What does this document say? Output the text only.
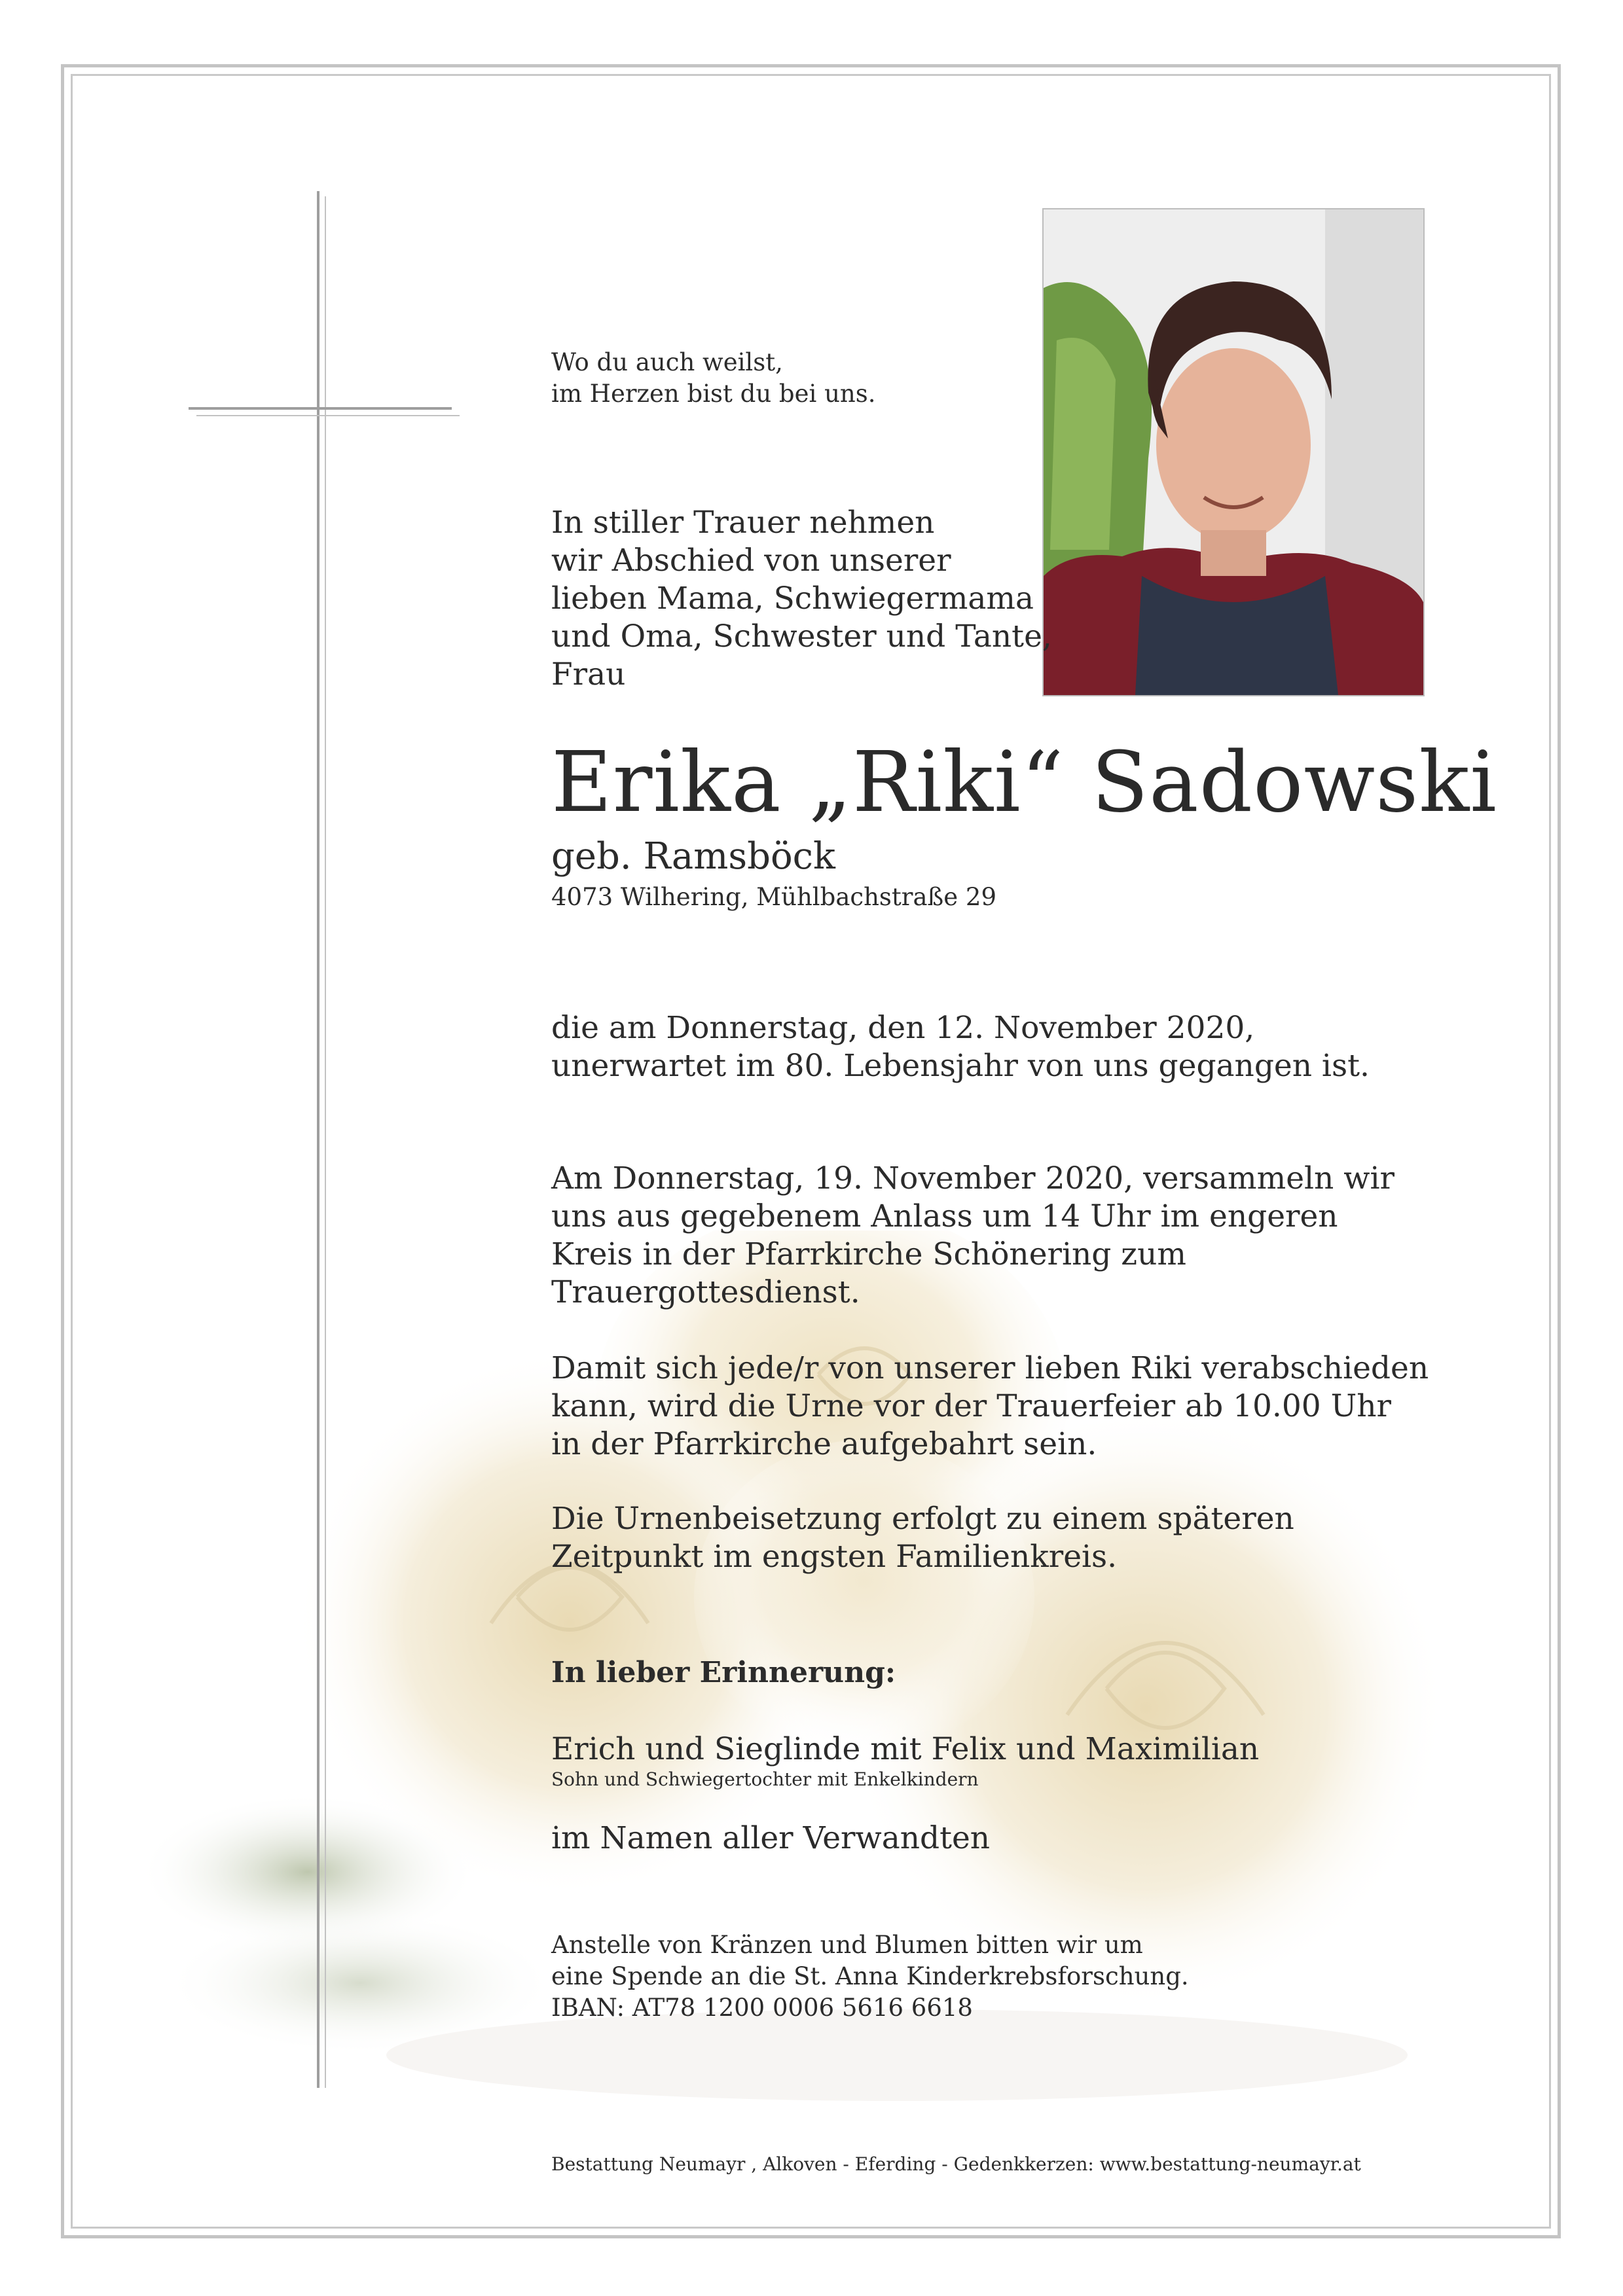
Wo du auch weilst,
im Herzen bist du bei uns.
In stiller Trauer nehmen
wir Abschied von unserer
lieben Mama, Schwiegermama
und Oma, Schwester und Tante,
Frau
Erika „Riki“ Sadowski
geb. Ramsböck
4073 Wilhering, Mühlbachstraße 29
die am Donnerstag, den 12. November 2020,
unerwartet im 80. Lebensjahr von uns gegangen ist.
Am Donnerstag, 19. November 2020, versammeln wir
uns aus gegebenem Anlass um 14 Uhr im engeren
Kreis in der Pfarrkirche Schönering zum
Trauergottesdienst.
Damit sich jede/r von unserer lieben Riki verabschieden
kann, wird die Urne vor der Trauerfeier ab 10.00 Uhr
in der Pfarrkirche aufgebahrt sein.
Die Urnenbeisetzung erfolgt zu einem späteren
Zeitpunkt im engsten Familienkreis.
In lieber Erinnerung:
Erich und Sieglinde mit Felix und Maximilian
Sohn und Schwiegertochter mit Enkelkindern
im Namen aller Verwandten
Anstelle von Kränzen und Blumen bitten wir um
eine Spende an die St. Anna Kinderkrebsforschung.
IBAN: AT78 1200 0006 5616 6618
Bestattung Neumayr , Alkoven - Eferding - Gedenkkerzen: www.bestattung-neumayr.at
